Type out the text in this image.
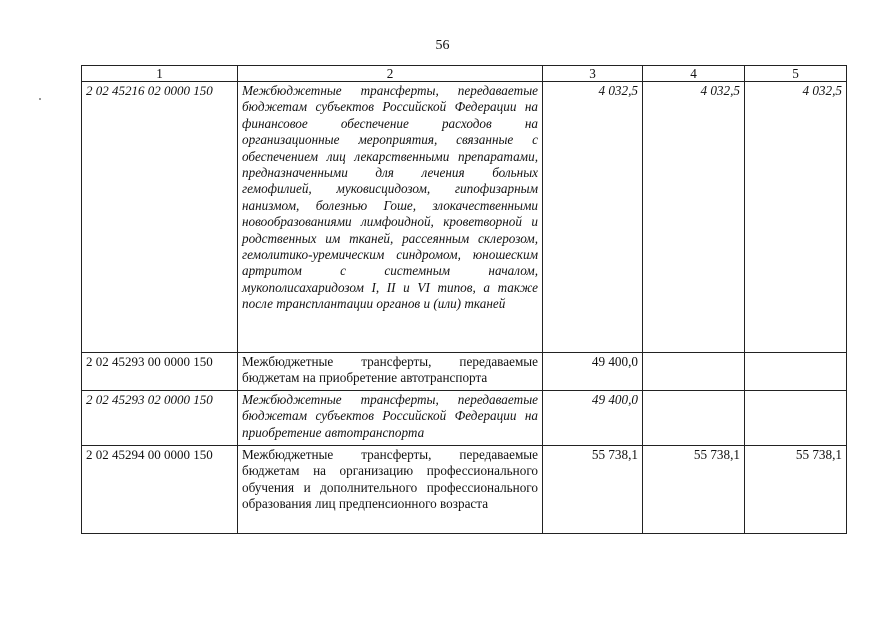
56
1	2	3	4	5
2 02 45216 02 0000 150	Межбюджетные трансферты, передаваеmые бюджетам субъектов Российской Федерации на финансовое обеспечение расходов на организационные мероприятия, связанные с обеспечением лиц лекарственными препаратами, предназначенными для лечения больных гемофилией, муковисцидозом, гипофизарным нанизмом, болезнью Гоше, злокачественными новообразованиями лимфоидной, кроветворной и родственных им тканей, рассеянным склерозом, гемолитико-уремическим синдромом, юношеским артритом с системным началом, мукополисахаридозом I, II и VI типов, а также после трансплантации органов и (или) тканей	4 032,5	4 032,5	4 032,5
2 02 45293 00 0000 150	Межбюджетные трансферты, передаваемые бюджетам на приобретение автотранспорта	49 400,0		
2 02 45293 02 0000 150	Межбюджетные трансферты, передаваеmые бюджетам субъектов Российской Федерации на приобретение автотранспорта	49 400,0		
2 02 45294 00 0000 150	Межбюджетные трансферты, передаваемые бюджетам на организацию профессионального обучения и дополнительного профессионального образования лиц предпенсионного возраста	55 738,1	55 738,1	55 738,1
